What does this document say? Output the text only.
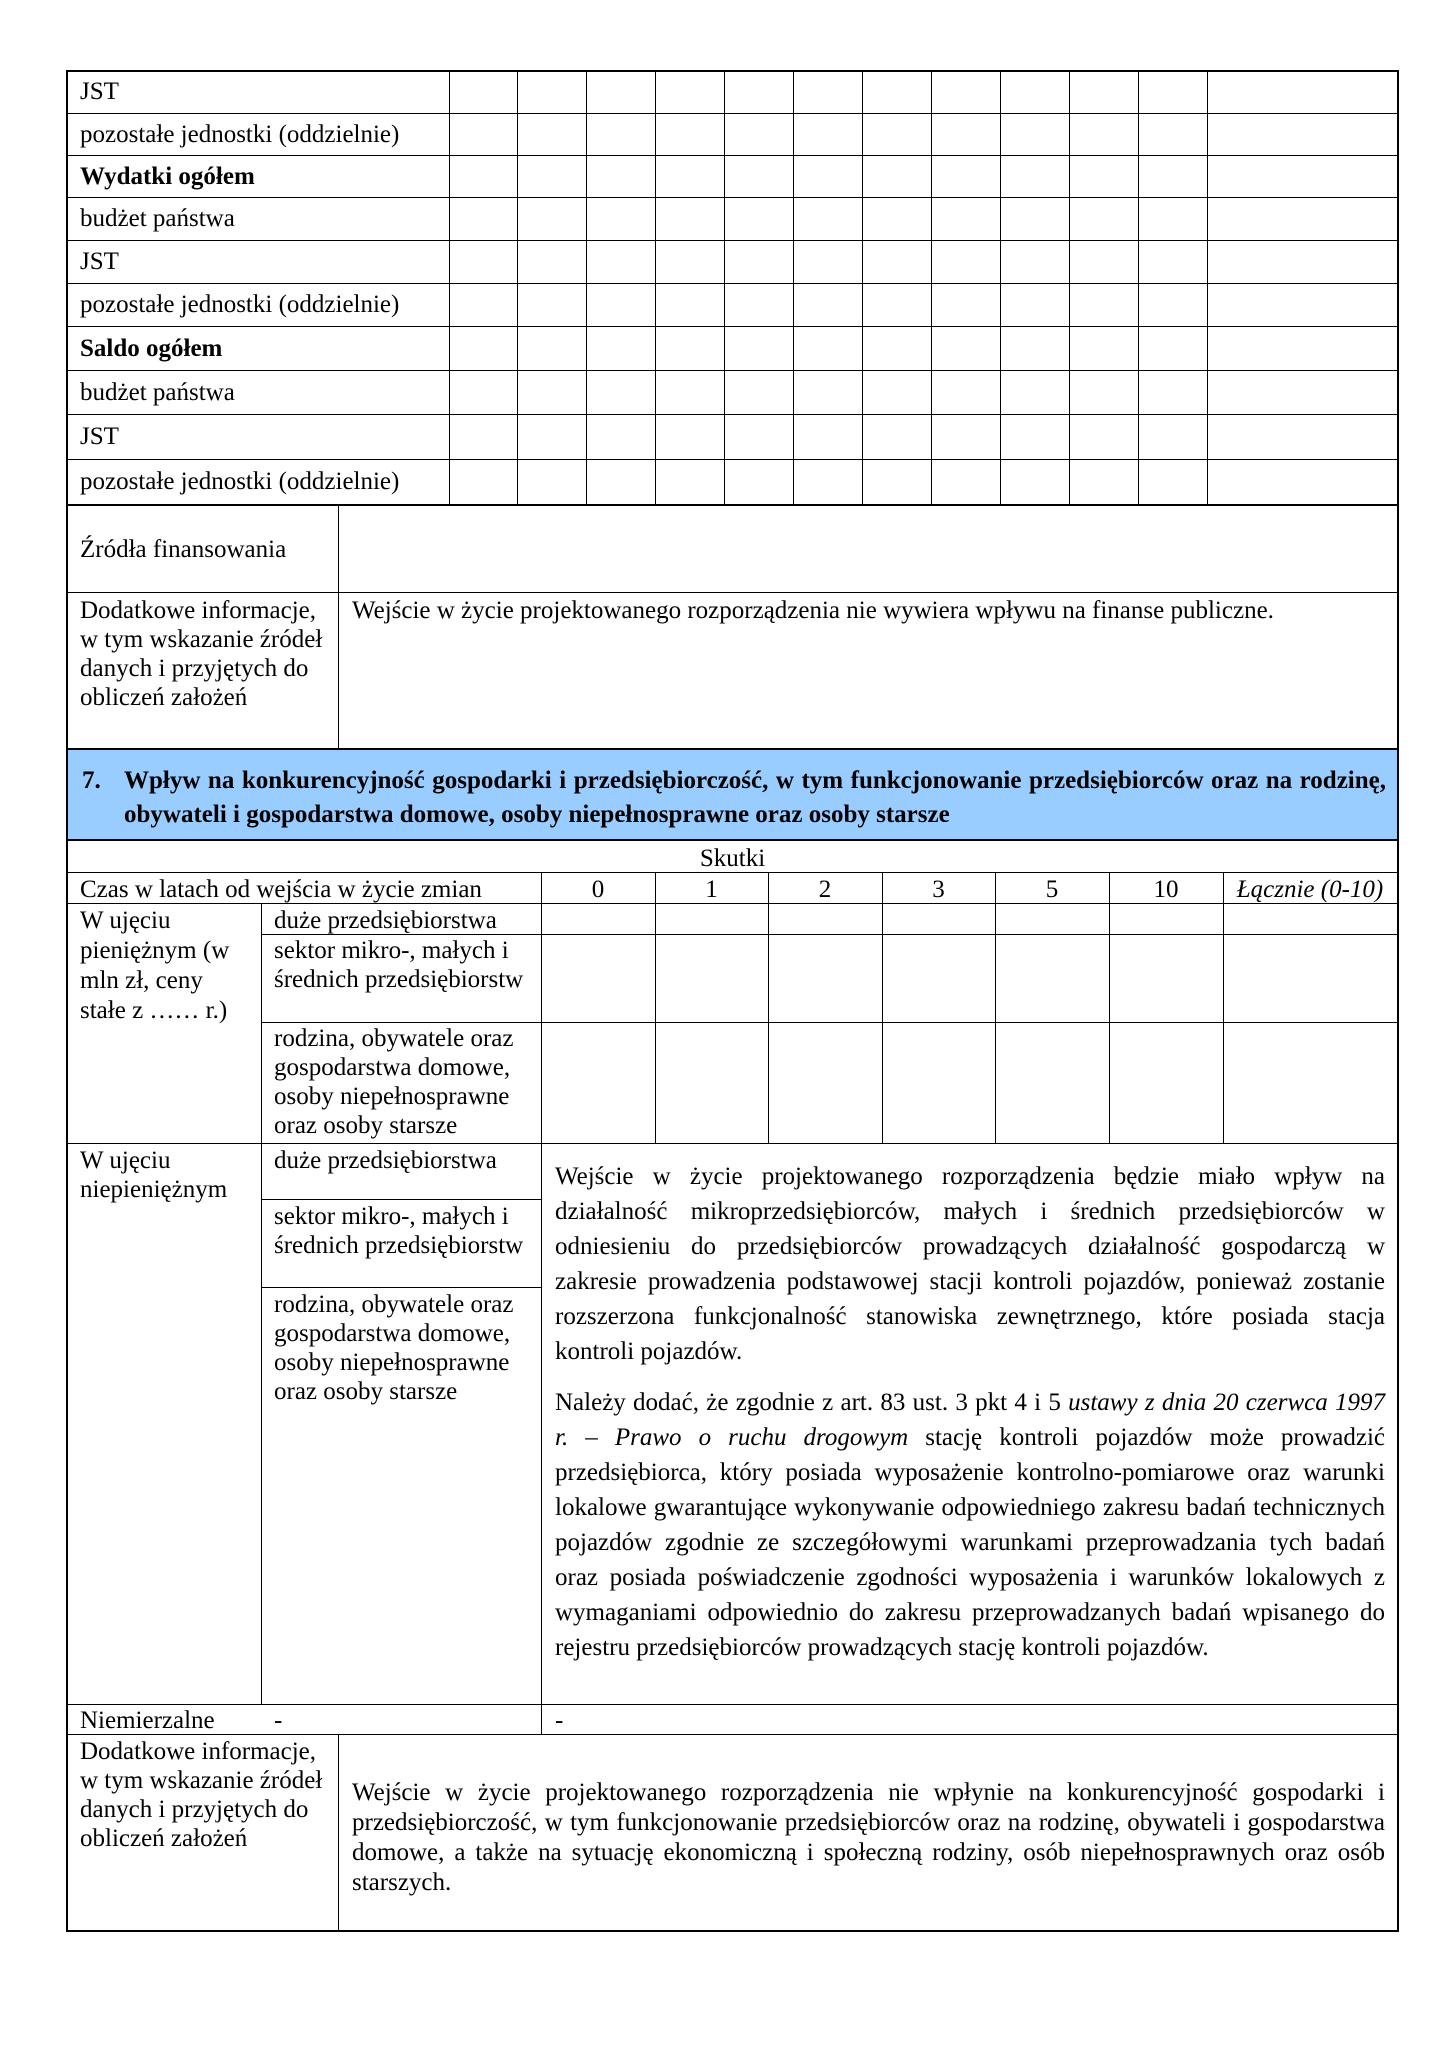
JST
pozostałe jednostki (oddzielnie)
Wydatki ogółem
budżet państwa
JST
pozostałe jednostki (oddzielnie)
Saldo ogółem
budżet państwa
JST
pozostałe jednostki (oddzielnie)
Źródła finansowania
Dodatkowe informacje, w tym wskazanie źródeł danych i przyjętych do obliczeń założeń
Wejście w życie projektowanego rozporządzenia nie wywiera wpływu na finanse publiczne.
7. Wpływ na konkurencyjność gospodarki i przedsiębiorczość, w tym funkcjonowanie przedsiębiorców oraz na rodzinę, obywateli i gospodarstwa domowe, osoby niepełnosprawne oraz osoby starsze
Skutki
Czas w latach od wejścia w życie zmian	0	1	2	3	5	10	Łącznie (0-10)
W ujęciu pieniężnym (w mln zł, ceny stałe z …… r.)
duże przedsiębiorstwa
sektor mikro-, małych i średnich przedsiębiorstw
rodzina, obywatele oraz gospodarstwa domowe, osoby niepełnosprawne oraz osoby starsze
W ujęciu niepieniężnym
duże przedsiębiorstwa
sektor mikro-, małych i średnich przedsiębiorstw
rodzina, obywatele oraz gospodarstwa domowe, osoby niepełnosprawne oraz osoby starsze
Wejście w życie projektowanego rozporządzenia będzie miało wpływ na działalność mikroprzedsiębiorców, małych i średnich przedsiębiorców w odniesieniu do przedsiębiorców prowadzących działalność gospodarczą w zakresie prowadzenia podstawowej stacji kontroli pojazdów, ponieważ zostanie rozszerzona funkcjonalność stanowiska zewnętrznego, które posiada stacja kontroli pojazdów.
Należy dodać, że zgodnie z art. 83 ust. 3 pkt 4 i 5 ustawy z dnia 20 czerwca 1997 r. – Prawo o ruchu drogowym stację kontroli pojazdów może prowadzić przedsiębiorca, który posiada wyposażenie kontrolno-pomiarowe oraz warunki lokalowe gwarantujące wykonywanie odpowiedniego zakresu badań technicznych pojazdów zgodnie ze szczegółowymi warunkami przeprowadzania tych badań oraz posiada poświadczenie zgodności wyposażenia i warunków lokalowych z wymaganiami odpowiednio do zakresu przeprowadzanych badań wpisanego do rejestru przedsiębiorców prowadzących stację kontroli pojazdów.
Niemierzalne -	-
Dodatkowe informacje, w tym wskazanie źródeł danych i przyjętych do obliczeń założeń
Wejście w życie projektowanego rozporządzenia nie wpłynie na konkurencyjność gospodarki i przedsiębiorczość, w tym funkcjonowanie przedsiębiorców oraz na rodzinę, obywateli i gospodarstwa domowe, a także na sytuację ekonomiczną i społeczną rodziny, osób niepełnosprawnych oraz osób starszych.
